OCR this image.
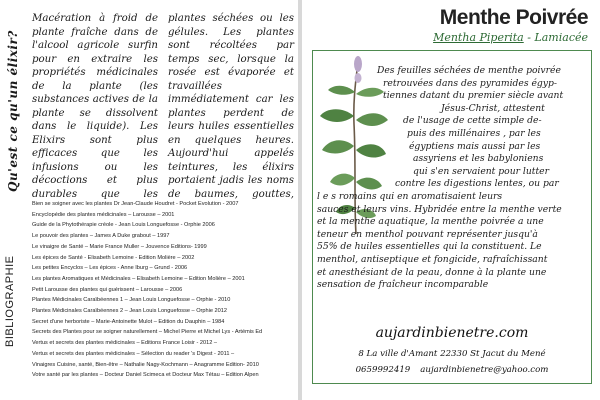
Qu'est ce qu'un élixir?
Macération à froid de plante fraîche dans de l'alcool agricole surfin pour en extraire les propriétés médicinales de la plante (les substances actives de la plante se dissolvent dans le liquide). Les Elixirs sont plus efficaces que les infusions ou les décoctions et plus durables que les plantes séchées ou les gélules. Les plantes sont récoltées par temps sec, lorsque la rosée est évaporée et travaillées immédiatement car les plantes perdent de leurs huiles essentielles en quelques heures. Aujourd'hui appelés teintures, les élixirs portaient jadis les noms de baumes, gouttes,
BIBLIOGRAPHIE
Bien se soigner avec les plantes Dr Jean-Claude Houdret - Pocket Evolution - 2007
Encyclopédie des plantes médicinales – Larousse – 2001
Guide de la Phytothérapie créole - Jean Louis Longuefosse - Orphie 2006
Le pouvoir des plantes – James A Duke grabout – 1997
Le vinaigre de Santé – Marie France Muller – Jouvence Editions- 1999
Les épices de Santé - Elisabeth Lemoine - Edition Molière – 2002
Les petites Encyclos – Les épices - Anne Iburg – Grund - 2006
Les plantes Aromatiques et Médicinales – Elisabeth Lemoine – Edition Molière – 2001
Petit Larousse des plantes qui guérissent – Larousse – 2006
Plantes Médicinales Caraïbéennes 1 – Jean Louis Longuefosse – Orphie - 2010
Plantes Médicinales Caraïbéennes 2 – Jean Louis Longuefosse – Orphie 2012
Secret d'une herboriste – Marie-Antoinette Mulot – Edition du Dauphin – 1984
Secrets des Plantes pour se soigner naturellement – Michel Pierre et Michel Lys - Artémis Ed
Vertus et secrets des plantes médicinales – Editions France Loisir - 2012 –
Vertus et secrets des plantes médicinales – Sélection du reader 's Digest - 2011 –
Vinaigres Cuisine, santé, Bien-être – Nathalie Nagy-Kochmann – Anagramme Edition- 2010
Votre santé par les plantes – Docteur Daniel Scimeca et Docteur Max Tétau – Edition Alpen
Menthe Poivrée
Mentha Piperita - Lamiacée
Des feuilles séchées de menthe poivrée
retrouvées dans des pyramides égyp-
tiennes datant du premier siècle avant
Jésus-Christ, attestent
de l'usage de cette simple de-
puis des millénaires , par les
égyptiens mais aussi par les
assyriens et les babyloniens
qui s'en servaient pour lutter
contre les digestions lentes, ou par
l e s romains qui en aromatisaient leurs
sauces et leurs vins. Hybridée entre la menthe verte
et la menthe aquatique, la menthe poivrée a une
teneur en menthol pouvant représenter jusqu'à
55% de huiles essentielles qui la constituent. Le
menthol, antiseptique et fongicide, rafraîchissant
et anesthésiant de la peau, donne à la plante une
sensation de fraîcheur incomparable
aujardinbienetre.com
8 La ville d'Amant 22330 St Jacut du Mené
0659992419 aujardinbienetre@yahoo.com
